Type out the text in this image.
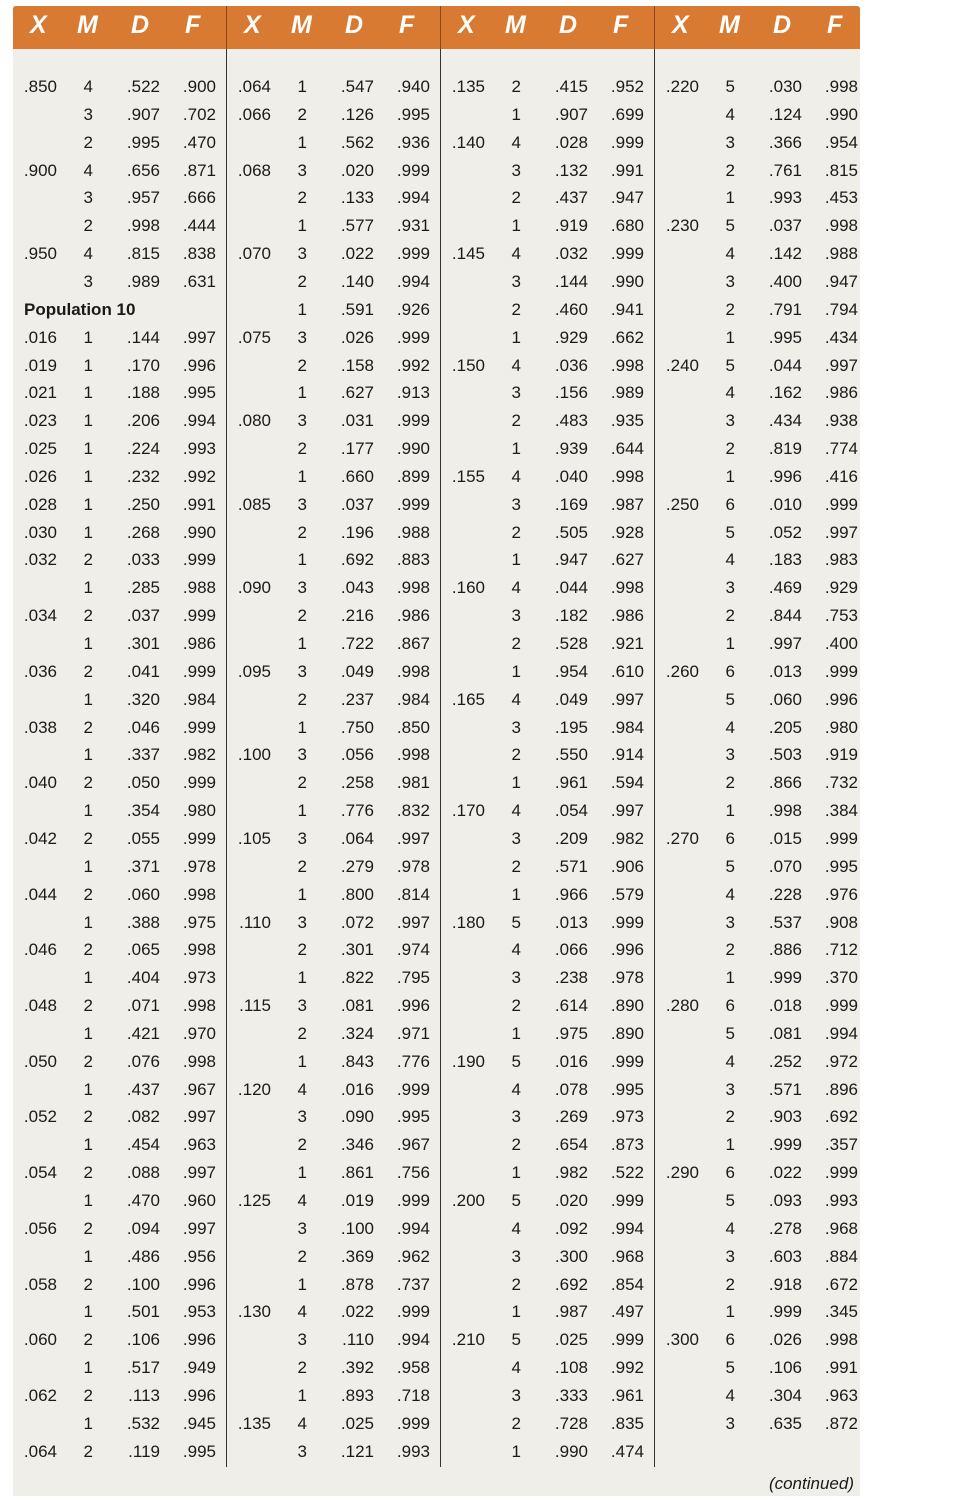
X M D F X M D F X M D F X M D F
.850	4	.522	.900
3	.907	.702
2	.995	.470
.900	4	.656	.871
3	.957	.666
2	.998	.444
.950	4	.815	.838
3	.989	.631
Population 10
.016	1	.144	.997
.019	1	.170	.996
.021	1	.188	.995
.023	1	.206	.994
.025	1	.224	.993
.026	1	.232	.992
.028	1	.250	.991
.030	1	.268	.990
.032	2	.033	.999
1	.285	.988
.034	2	.037	.999
1	.301	.986
.036	2	.041	.999
1	.320	.984
.038	2	.046	.999
1	.337	.982
.040	2	.050	.999
1	.354	.980
.042	2	.055	.999
1	.371	.978
.044	2	.060	.998
1	.388	.975
.046	2	.065	.998
1	.404	.973
.048	2	.071	.998
1	.421	.970
.050	2	.076	.998
1	.437	.967
.052	2	.082	.997
1	.454	.963
.054	2	.088	.997
1	.470	.960
.056	2	.094	.997
1	.486	.956
.058	2	.100	.996
1	.501	.953
.060	2	.106	.996
1	.517	.949
.062	2	.113	.996
1	.532	.945
.064	2	.119	.995
.064	1	.547	.940
.066	2	.126	.995
1	.562	.936
.068	3	.020	.999
2	.133	.994
1	.577	.931
.070	3	.022	.999
2	.140	.994
1	.591	.926
.075	3	.026	.999
2	.158	.992
1	.627	.913
.080	3	.031	.999
2	.177	.990
1	.660	.899
.085	3	.037	.999
2	.196	.988
1	.692	.883
.090	3	.043	.998
2	.216	.986
1	.722	.867
.095	3	.049	.998
2	.237	.984
1	.750	.850
.100	3	.056	.998
2	.258	.981
1	.776	.832
.105	3	.064	.997
2	.279	.978
1	.800	.814
.110	3	.072	.997
2	.301	.974
1	.822	.795
.115	3	.081	.996
2	.324	.971
1	.843	.776
.120	4	.016	.999
3	.090	.995
2	.346	.967
1	.861	.756
.125	4	.019	.999
3	.100	.994
2	.369	.962
1	.878	.737
.130	4	.022	.999
3	.110	.994
2	.392	.958
1	.893	.718
.135	4	.025	.999
3	.121	.993
.135	2	.415	.952
1	.907	.699
.140	4	.028	.999
3	.132	.991
2	.437	.947
1	.919	.680
.145	4	.032	.999
3	.144	.990
2	.460	.941
1	.929	.662
.150	4	.036	.998
3	.156	.989
2	.483	.935
1	.939	.644
.155	4	.040	.998
3	.169	.987
2	.505	.928
1	.947	.627
.160	4	.044	.998
3	.182	.986
2	.528	.921
1	.954	.610
.165	4	.049	.997
3	.195	.984
2	.550	.914
1	.961	.594
.170	4	.054	.997
3	.209	.982
2	.571	.906
1	.966	.579
.180	5	.013	.999
4	.066	.996
3	.238	.978
2	.614	.890
1	.975	.890
.190	5	.016	.999
4	.078	.995
3	.269	.973
2	.654	.873
1	.982	.522
.200	5	.020	.999
4	.092	.994
3	.300	.968
2	.692	.854
1	.987	.497
.210	5	.025	.999
4	.108	.992
3	.333	.961
2	.728	.835
1	.990	.474
.220	5	.030	.998
4	.124	.990
3	.366	.954
2	.761	.815
1	.993	.453
.230	5	.037	.998
4	.142	.988
3	.400	.947
2	.791	.794
1	.995	.434
.240	5	.044	.997
4	.162	.986
3	.434	.938
2	.819	.774
1	.996	.416
.250	6	.010	.999
5	.052	.997
4	.183	.983
3	.469	.929
2	.844	.753
1	.997	.400
.260	6	.013	.999
5	.060	.996
4	.205	.980
3	.503	.919
2	.866	.732
1	.998	.384
.270	6	.015	.999
5	.070	.995
4	.228	.976
3	.537	.908
2	.886	.712
1	.999	.370
.280	6	.018	.999
5	.081	.994
4	.252	.972
3	.571	.896
2	.903	.692
1	.999	.357
.290	6	.022	.999
5	.093	.993
4	.278	.968
3	.603	.884
2	.918	.672
1	.999	.345
.300	6	.026	.998
5	.106	.991
4	.304	.963
3	.635	.872
(continued)
